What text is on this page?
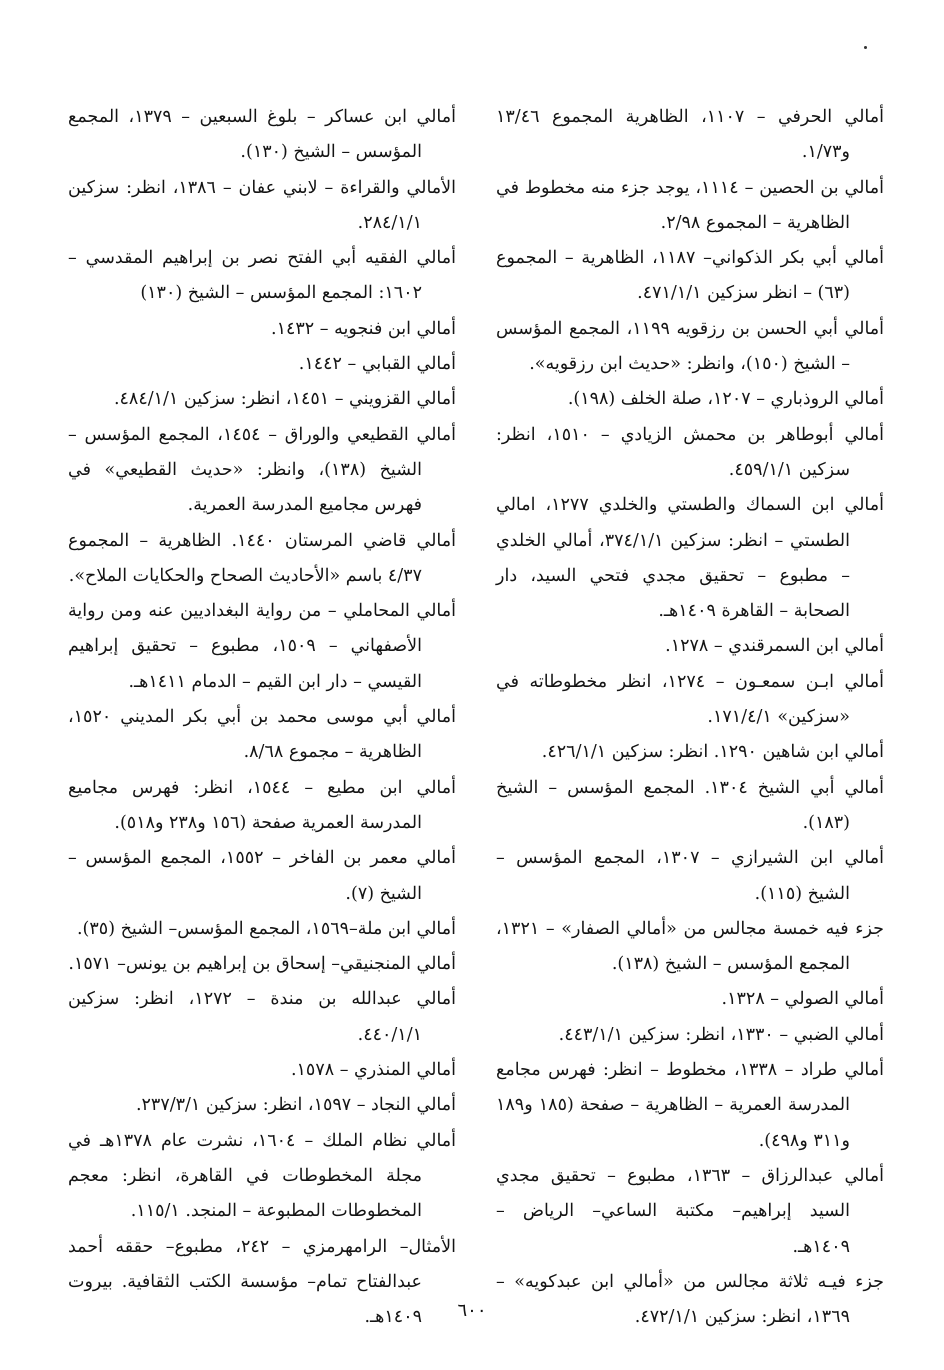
أمالي الحرفي – ١١٠٧، الظاهرية المجموع ١٣/٤٦ و١/٧٣.

أمالي بن الحصين – ١١١٤، يوجد جزء منه مخطوط في الظاهرية – المجموع ٢/٩٨.

أمالي أبي بكر الذكواني– ١١٨٧، الظاهرية – المجموع (٦٣) – انظر سزكين ٤٧١/١/١.

أمالي أبي الحسن بن رزقويه ١١٩٩، المجمع المؤسس – الشيخ (١٥٠)، وانظر: «حديث ابن رزقويه».

أمالي الروذباري – ١٢٠٧، صلة الخلف (١٩٨).

أمالي أبوطاهر بن محمش الزيادي – ١٥١٠، انظر: سزكين ٤٥٩/١/١.

أمالي ابن السماك والطستي والخلدي ١٢٧٧، امالي الطستي – انظر: سزكين ٣٧٤/١/١، أمالي الخلدي – مطبوع – تحقيق مجدي فتحي السيد، دار الصحابة – القاهرة ١٤٠٩هـ.

أمالي ابن السمرقندي – ١٢٧٨.

أمالي ابـن سمعـون – ١٢٧٤، انظر مخطوطاته في «سزكين» ١٧١/٤/١.

أمالي ابن شاهين ١٢٩٠. انظر: سزكين ٤٢٦/١/١.

أمالي أبي الشيخ ١٣٠٤. المجمع المؤسس – الشيخ (١٨٣).

أمالي ابن الشيرازي – ١٣٠٧، المجمع المؤسس – الشيخ (١١٥).

جزء فيه خمسة مجالس من «أمالي الصفار» – ١٣٢١، المجمع المؤسس – الشيخ (١٣٨).

أمالي الصولي – ١٣٢٨.

أمالي الضبي – ١٣٣٠، انظر: سزكين ٤٤٣/١/١.

أمالي طراد – ١٣٣٨، مخطوط – انظر: فهرس مجامع المدرسة العمرية – الظاهرية – صفحة (١٨٥ و١٨٩ و٣١١ و٤٩٨).

أمالي عبدالرزاق – ١٣٦٣، مطبوع – تحقيق مجدي السيد إبراهيم– مكتبة الساعي– الرياض – ١٤٠٩هـ.

جزء فيـه ثلاثة مجالس من «أمالي ابن عبدكويه» – ١٣٦٩، انظر: سزكين ٤٧٢/١/١.

أمالي ابن عساكر – بلوغ السبعين – ١٣٧٩، المجمع المؤسس – الشيخ (١٣٠).

الأمالي والقراءة – لابني عفان – ١٣٨٦، انظر: سزكين ٢٨٤/١/١.

أمالي الفقيه أبي الفتح نصر بن إبراهيم المقدسي – ١٦٠٢: المجمع المؤسس – الشيخ (١٣٠)

أمالي ابن فنجويه – ١٤٣٢.

أمالي القبابي – ١٤٤٢.

أمالي القزويني – ١٤٥١، انظر: سزكين ٤٨٤/١/١.

أمالي القطيعي والوراق – ١٤٥٤، المجمع المؤسس – الشيخ (١٣٨)، وانظر: «حديث القطيعي» في فهرس مجاميع المدرسة العمرية.

أمالي قاضي المرستان ١٤٤٠. الظاهرية – المجموع ٤/٣٧ باسم «الأحاديث الصحاح والحكايات الملاح».

أمالي المحاملي – من رواية البغداديين عنه ومن رواية الأصفهاني – ١٥٠٩، مطبوع – تحقيق إبراهيم القيسي – دار ابن القيم – الدمام ١٤١١هـ.

أمالي أبي موسى محمد بن أبي بكر المديني ١٥٢٠، الظاهرية – مجموع ٨/٦٨.

أمالي ابن مطيع – ١٥٤٤، انظر: فهرس مجاميع المدرسة العمرية صفحة (١٥٦ و٢٣٨ و٥١٨).

أمالي معمر بن الفاخر – ١٥٥٢، المجمع المؤسس – الشيخ (٧).

أمالي ابن ملة–١٥٦٩، المجمع المؤسس– الشيخ (٣٥).

أمالي المنجنيقي– إسحاق بن إبراهيم بن يونس– ١٥٧١.

أمالي عبدالله بن مندة – ١٢٧٢، انظر: سزكين ٤٤٠/١/١.

أمالي المنذري – ١٥٧٨.

أمالي النجاد – ١٥٩٧، انظر: سزكين ٢٣٧/٣/١.

أمالي نظام الملك – ١٦٠٤، نشرت عام ١٣٧٨هـ في مجلة المخطوطات في القاهرة، انظر: معجم المخطوطات المطبوعة – المنجد. ١١٥/١.

الأمثال– الرامهرمزي – ٢٤٢، مطبوع– حققه أحمد عبدالفتاح تمام– مؤسسة الكتب الثقافية. بيروت ١٤٠٩هـ.	٦٠٠
